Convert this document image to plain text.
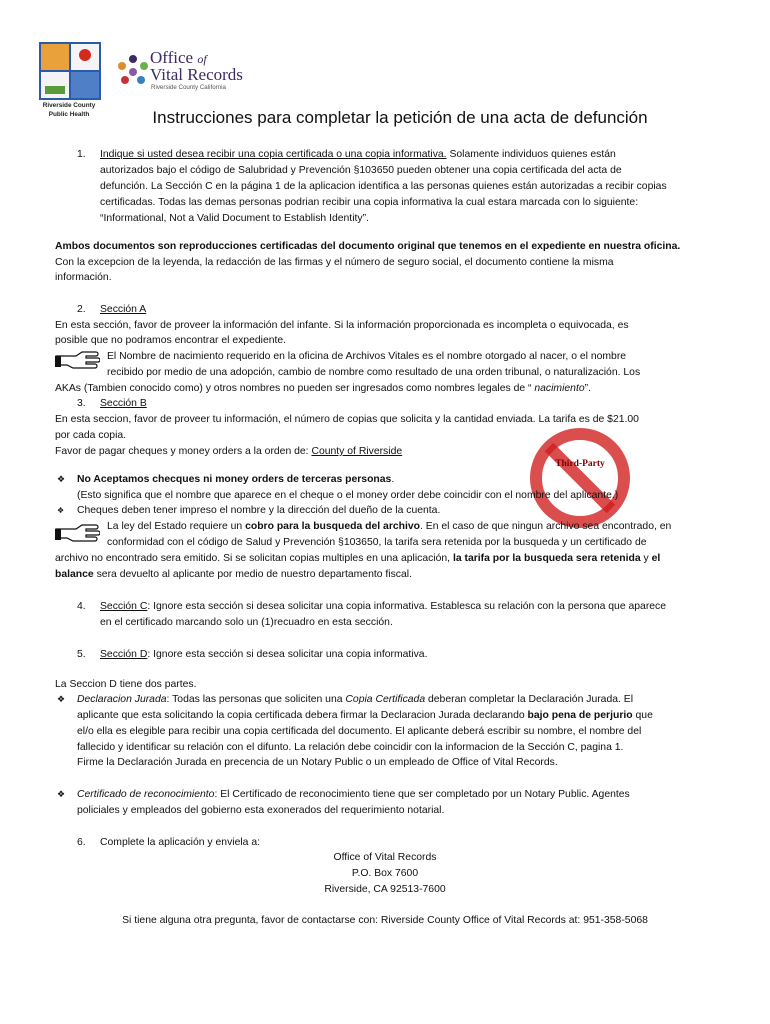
Riverside County
Public Health
Office of
Vital Records
Riverside County California
Instrucciones para completar la petición de una acta de defunción

1. Indique si usted desea recibir una copia certificada o una copia informativa. Solamente individuos quienes están

autorizados bajo el código de Salubridad y Prevención §103650 pueden obtener una copia certificada del acta de

defunción. La Sección C en la página 1 de la aplicacion identifica a las personas quienes están autorizadas a recibir copias

certificadas. Todas las demas personas podrian recibir una copia informativa la cual estara marcada con lo siguiente:

“Informational, Not a Valid Document to Establish Identity”.

Ambos documentos son reproducciones certificadas del documento original que tenemos en el expediente en nuestra oficina.

Con la excepcion de la leyenda, la redacción de las firmas y el número de seguro social, el documento contiene la misma

información.

2. Sección A

En esta sección, favor de proveer la información del infante. Si la información proporcionada es incompleta o equivocada, es

posible que no podramos encontrar el expediente.

El Nombre de nacimiento requerido en la oficina de Archivos Vitales es el nombre otorgado al nacer, o el nombre

recibido por medio de una adopción, cambio de nombre como resultado de una orden tribunal, o naturalización. Los

AKAs (Tambien conocido como) y otros nombres no pueden ser ingresados como nombres legales de “ nacimiento”.

3. Sección B

En esta seccion, favor de proveer tu información, el número de copias que solicita y la cantidad enviada. La tarifa es de $21.00

por cada copia.

Favor de pagar cheques y money orders a la orden de: County of Riverside

Third-Party
❖ No Aceptamos checques ni money orders de terceras personas.

(Esto significa que el nombre que aparece en el cheque o el money order debe coincidir con el nombre del aplicante.)

❖ Cheques deben tener impreso el nombre y la dirección del dueño de la cuenta.

La ley del Estado requiere un cobro para la busqueda del archivo. En el caso de que ningun archivo sea encontrado, en

conformidad con el código de Salud y Prevención §103650, la tarifa sera retenida por la busqueda y un certificado de

archivo no encontrado sera emitido. Si se solicitan copias multiples en una aplicación, la tarifa por la busqueda sera retenida y el

balance sera devuelto al aplicante por medio de nuestro departamento fiscal.

4. Sección C: Ignore esta sección si desea solicitar una copia informativa. Establesca su relación con la persona que aparece

en el certificado marcando solo un (1)recuadro en esta sección.

5. Sección D: Ignore esta sección si desea solicitar una copia informativa.

La Seccion D tiene dos partes.

❖ Declaracion Jurada: Todas las personas que soliciten una Copia Certificada deberan completar la Declaración Jurada. El

aplicante que esta solicitando la copia certificada debera firmar la Declaracion Jurada declarando bajo pena de perjurio que

el/o ella es elegible para recibir una copia certificada del documento. El aplicante deberá escribir su nombre, el nombre del

fallecido y identificar su relación con el difunto. La relación debe coincidir con la informacion de la Sección C, pagina 1.

Firme la Declaración Jurada en precencia de un Notary Public o un empleado de Office of Vital Records.

❖ Certificado de reconocimiento: El Certificado de reconocimiento tiene que ser completado por un Notary Public. Agentes

policiales y empleados del gobierno esta exonerados del requerimiento notarial.

6. Complete la aplicación y enviela a:

Office of Vital Records

P.O. Box 7600

Riverside, CA 92513-7600

Si tiene alguna otra pregunta, favor de contactarse con: Riverside County Office of Vital Records at: 951-358-5068
